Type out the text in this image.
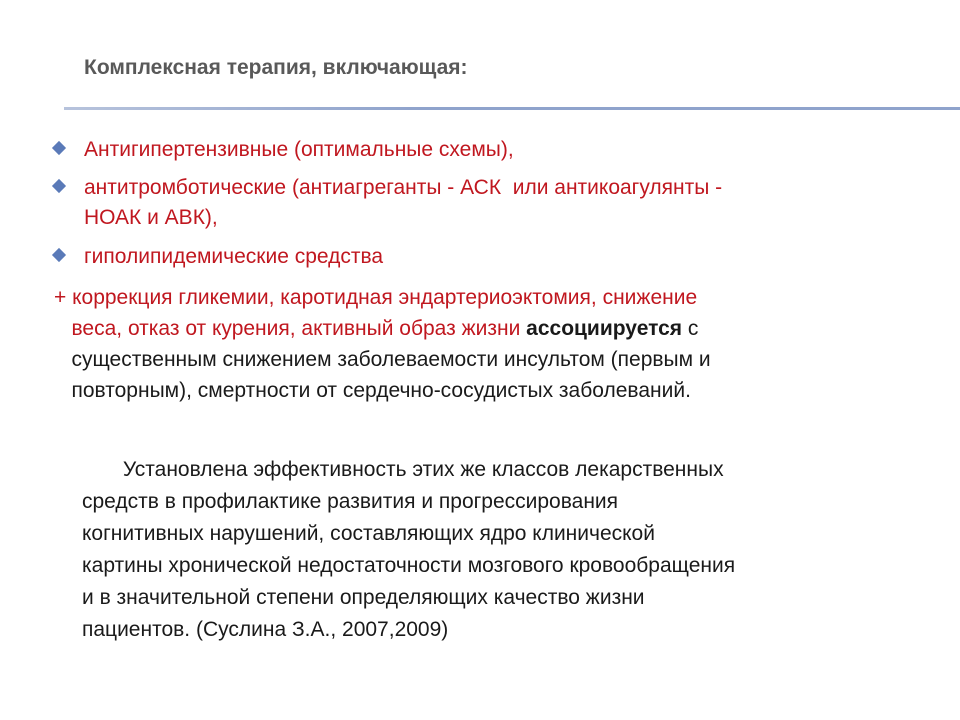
Комплексная терапия, включающая:
Антигипертензивные (оптимальные схемы),
антитромботические (антиагреганты - АСК  или антикоагулянты -
НОАК и АВК),
гиполипидемические средства
+ коррекция гликемии, каротидная эндартериоэктомия, снижение
веса, отказ от курения, активный образ жизни ассоциируется с
существенным снижением заболеваемости инсультом (первым и
повторным), смертности от сердечно-сосудистых заболеваний.
Установлена эффективность этих же классов лекарственных
средств в профилактике развития и прогрессирования
когнитивных нарушений, составляющих ядро клинической
картины хронической недостаточности мозгового кровообращения
и в значительной степени определяющих качество жизни
пациентов. (Суслина З.А., 2007,2009)
